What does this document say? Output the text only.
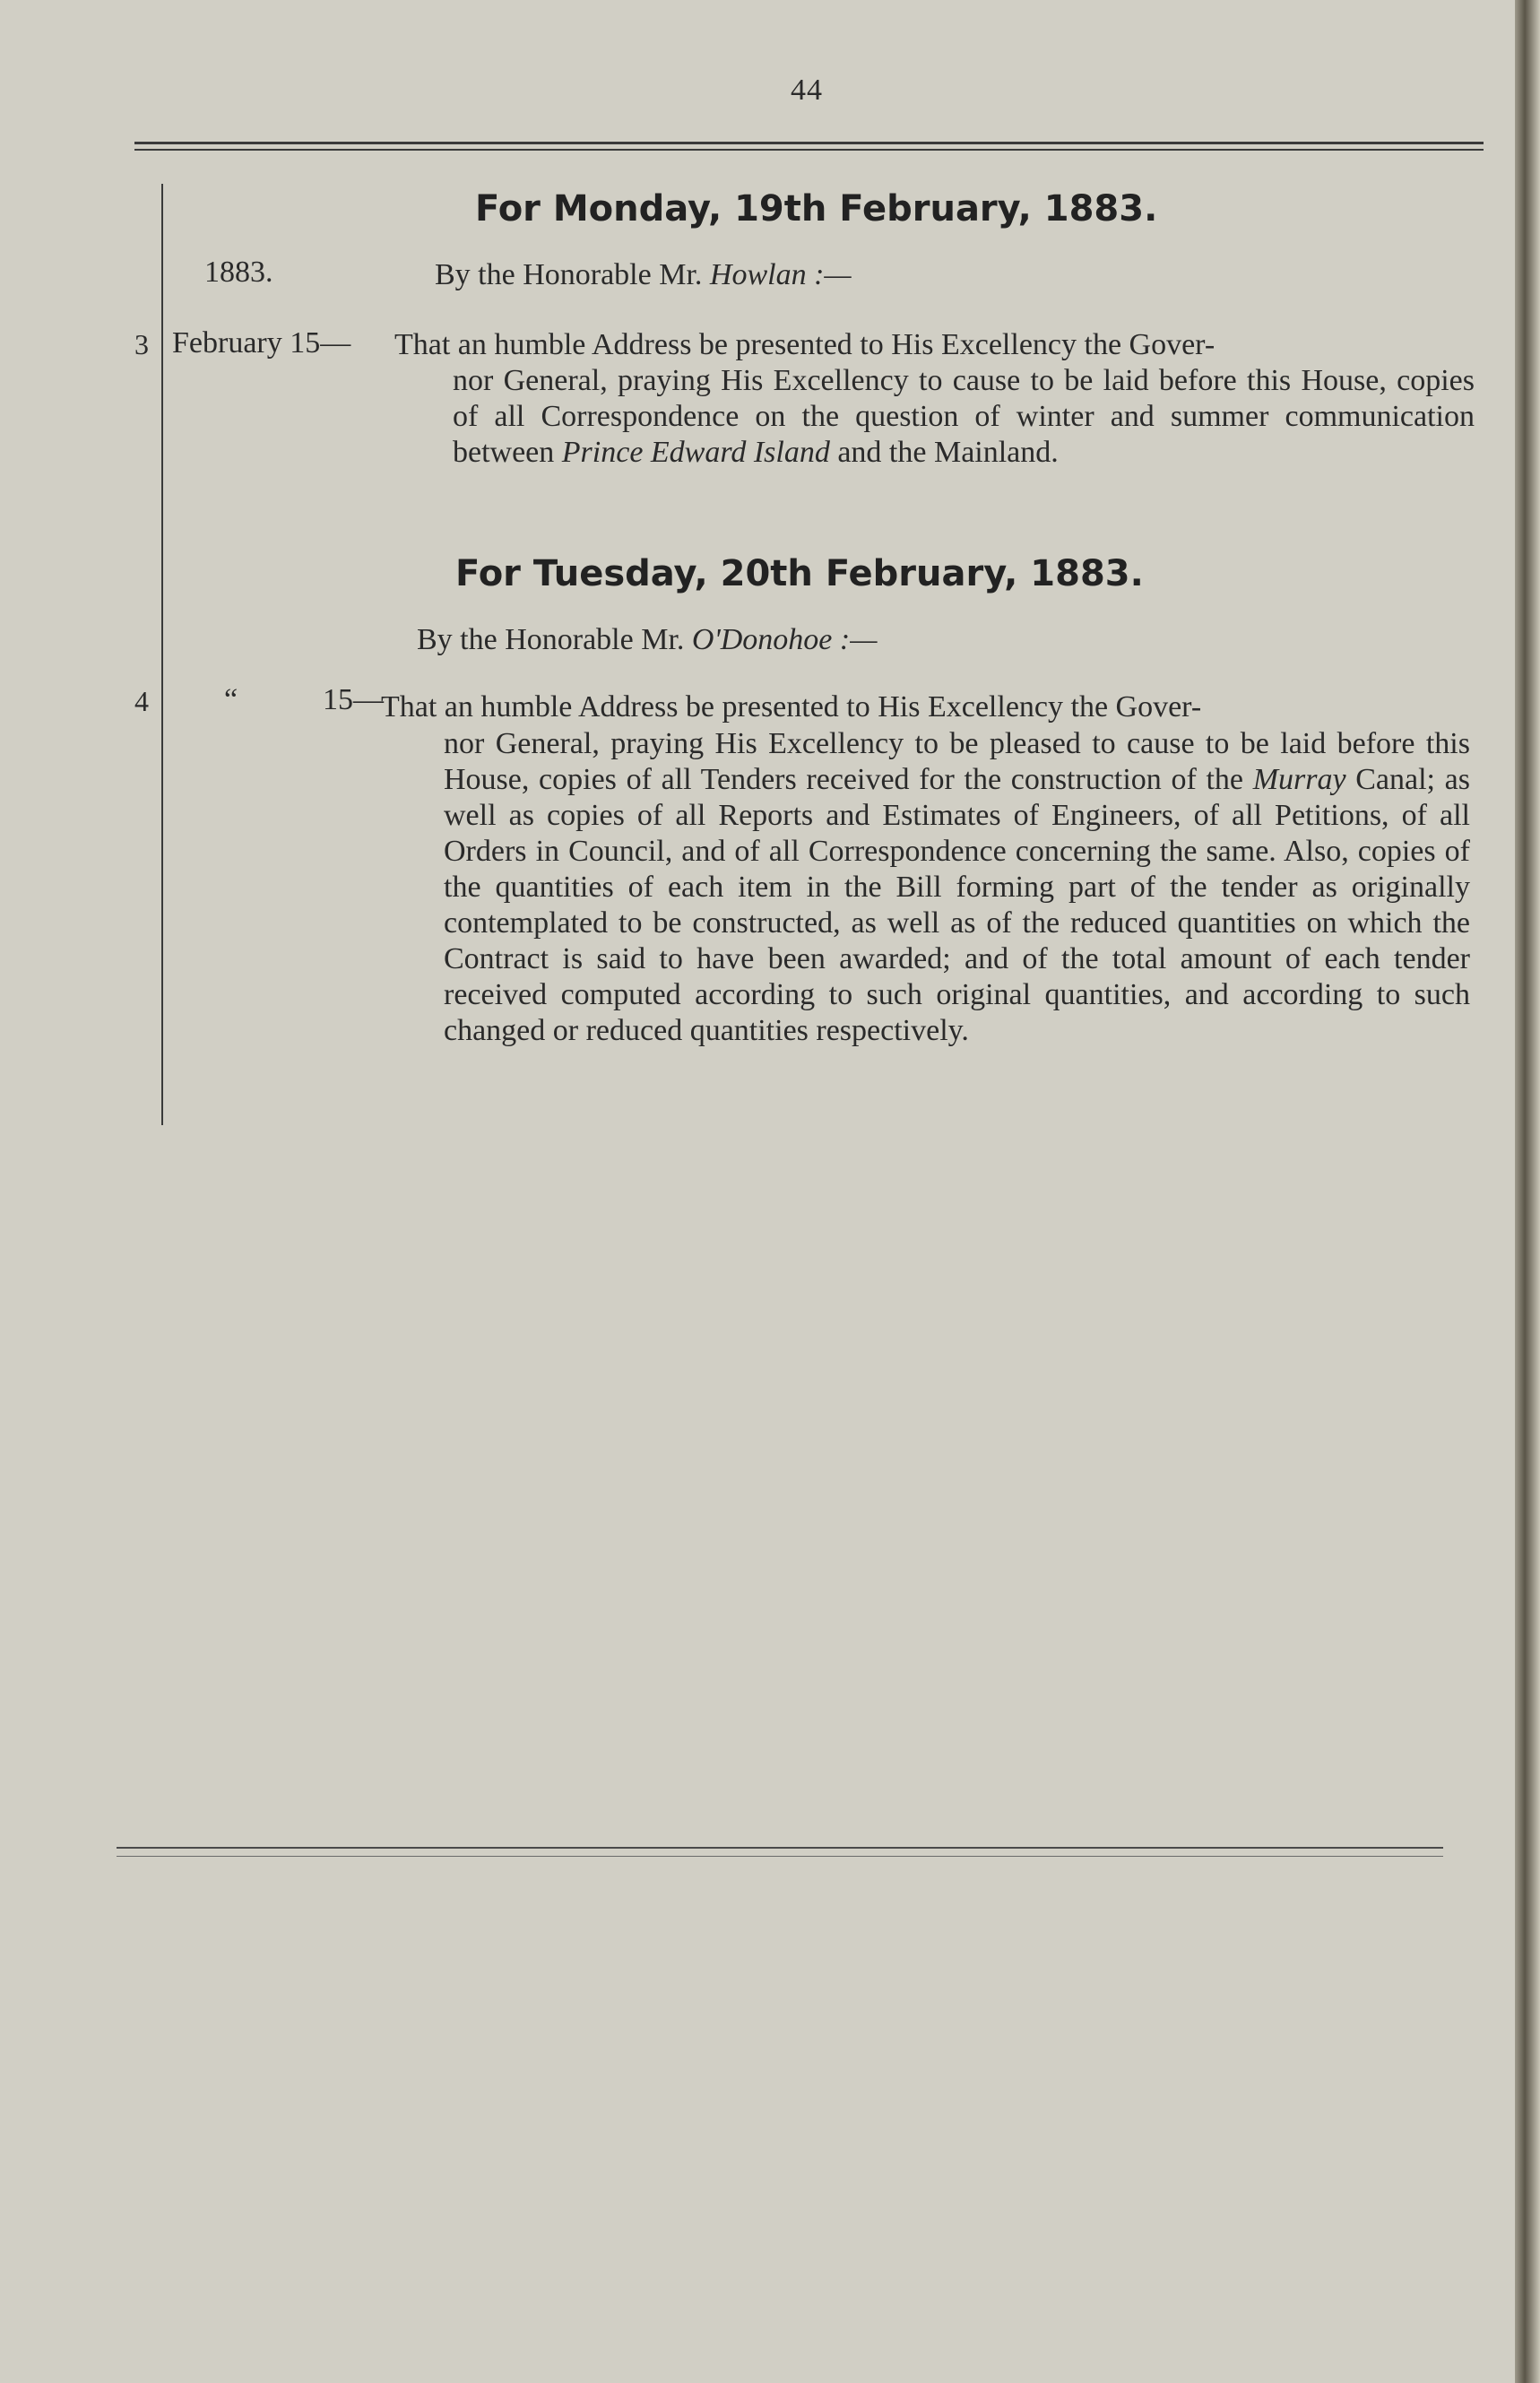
44
For Monday, 19th February, 1883.
1883.	By the Honorable Mr. Howlan :—
3 February 15— That an humble Address be presented to His Excellency the Gover-
nor General, praying His Excellency to cause to be laid before this House, copies of all Correspondence on the question of winter and summer communication between Prince Edward Island and the Mainland.
For Tuesday, 20th February, 1883.
By the Honorable Mr. O'Donohoe :—
4 “	15—
That an humble Address be presented to His Excellency the Gover-
nor General, praying His Excellency to be pleased to cause to be laid before this House, copies of all Tenders received for the construction of the Murray Canal; as well as copies of all Reports and Estimates of Engineers, of all Petitions, of all Orders in Council, and of all Correspondence concerning the same. Also, copies of the quantities of each item in the Bill forming part of the tender as originally contemplated to be constructed, as well as of the reduced quantities on which the Contract is said to have been awarded; and of the total amount of each tender received computed according to such original quantities, and according to such changed or reduced quantities respectively.
